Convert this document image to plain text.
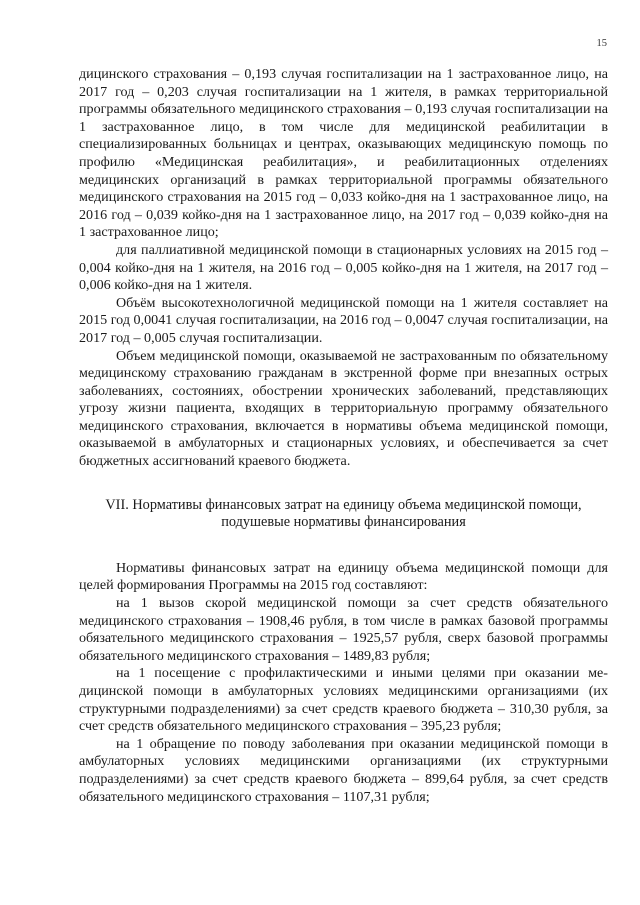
15

дицинского страхования – 0,193 случая госпитализации на 1 застрахованное лицо, на 2017 год – 0,203 случая госпитализации на 1 жителя, в рамках территориальной программы обязательного медицинского страхования – 0,193 случая госпитализации на 1 застрахованное лицо, в том числе для медицинской реабилитации в специализированных больницах и центрах, оказывающих медицинскую помощь по профилю «Медицинская реабилитация», и реабилитационных отделениях медицинских организаций в рамках территориальной программы обязательного медицинского страхования на 2015 год – 0,033 койко-дня на 1 застрахованное лицо, на 2016 год – 0,039 койко-дня на 1 застрахованное лицо, на 2017 год – 0,039 койко-дня на 1 застрахованное лицо;

для паллиативной медицинской помощи в стационарных условиях на 2015 год – 0,004 койко-дня на 1 жителя, на 2016 год – 0,005 койко-дня на 1 жителя, на 2017 год – 0,006 койко-дня на 1 жителя.

Объём высокотехнологичной медицинской помощи на 1 жителя составляет на 2015 год 0,0041 случая госпитализации, на 2016 год – 0,0047 случая госпитализации, на 2017 год – 0,005 случая госпитализации.

Объем медицинской помощи, оказываемой не застрахованным по обязательному медицинскому страхованию гражданам в экстренной форме при внезапных острых заболеваниях, состояниях, обострении хронических заболеваний, представляющих угрозу жизни пациента, входящих в территориальную программу обязательного медицинского страхования, включается в нормативы объема медицинской помощи, оказываемой в амбулаторных и стационарных условиях, и обеспечивается за счет бюджетных ассигнований краевого бюджета.

VII. Нормативы финансовых затрат на единицу объема медицинской помощи,
подушевые нормативы финансирования

Нормативы финансовых затрат на единицу объема медицинской помощи для целей формирования Программы на 2015 год составляют:

на 1 вызов скорой медицинской помощи за счет средств обязательного медицинского страхования – 1908,46 рубля, в том числе в рамках базовой программы обязательного медицинского страхования – 1925,57 рубля, сверх базовой программы обязательного медицинского страхования – 1489,83 рубля;

на 1 посещение с профилактическими и иными целями при оказании медицинской помощи в амбулаторных условиях медицинскими организациями (их структурными подразделениями) за счет средств краевого бюджета – 310,30 рубля, за счет средств обязательного медицинского страхования – 395,23 рубля;

на 1 обращение по поводу заболевания при оказании медицинской помощи в амбулаторных условиях медицинскими организациями (их структурными подразделениями) за счет средств краевого бюджета – 899,64 рубля, за счет средств обязательного медицинского страхования – 1107,31 рубля;
